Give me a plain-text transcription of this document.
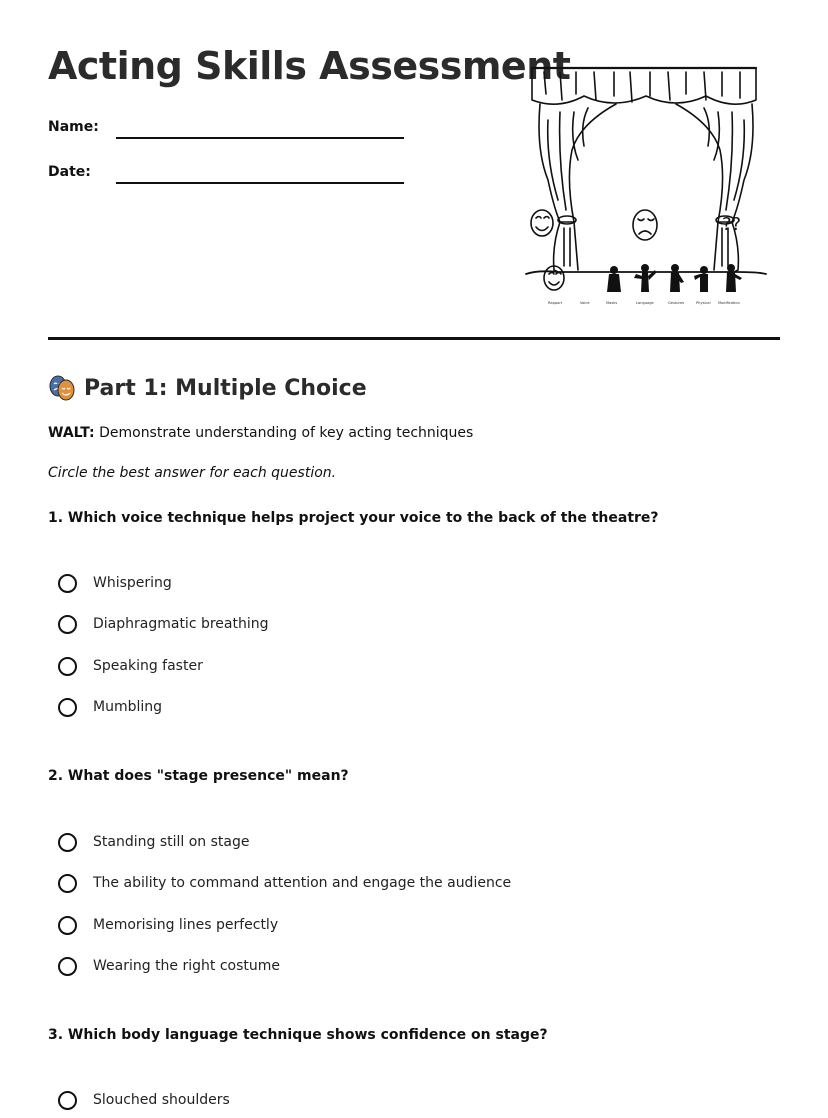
Acting Skills Assessment
Name:
Date:
??
Rapport	Voice	Masks	Language	Gestures	Physical Modification
Part 1: Multiple Choice
WALT: Demonstrate understanding of key acting techniques
Circle the best answer for each question.
1. Which voice technique helps project your voice to the back of the theatre?
Whispering
Diaphragmatic breathing
Speaking faster
Mumbling
2. What does "stage presence" mean?
Standing still on stage
The ability to command attention and engage the audience
Memorising lines perfectly
Wearing the right costume
3. Which body language technique shows confidence on stage?
Slouched shoulders
